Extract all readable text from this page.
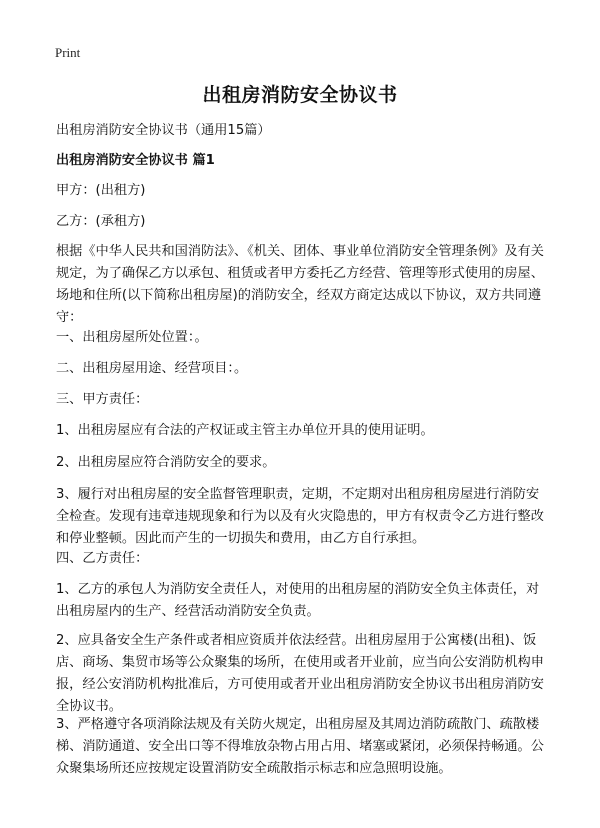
Print
出租房消防安全协议书

出租房消防安全协议书（通用15篇）

出租房消防安全协议书 篇1

甲方：(出租方)

乙方：(承租方)

根据《中华人民共和国消防法》、《机关、团体、事业单位消防安全管理条例》及有关规定，为了确保乙方以承包、租赁或者甲方委托乙方经营、管理等形式使用的房屋、场地和住所(以下简称出租房屋)的消防安全，经双方商定达成以下协议，双方共同遵守：

一、出租房屋所处位置：。

二、出租房屋用途、经营项目：。

三、甲方责任：

1、出租房屋应有合法的产权证或主管主办单位开具的使用证明。

2、出租房屋应符合消防安全的要求。

3、履行对出租房屋的安全监督管理职责，定期，不定期对出租房租房屋进行消防安全检查。发现有违章违规现象和行为以及有火灾隐患的，甲方有权责令乙方进行整改和停业整顿。因此而产生的一切损失和费用，由乙方自行承担。

四、乙方责任：

1、乙方的承包人为消防安全责任人，对使用的出租房屋的消防安全负主体责任，对出租房屋内的生产、经营活动消防安全负责。

2、应具备安全生产条件或者相应资质并依法经营。出租房屋用于公寓楼(出租)、饭店、商场、集贸市场等公众聚集的场所，在使用或者开业前，应当向公安消防机构申报，经公安消防机构批准后，方可使用或者开业出租房消防安全协议书出租房消防安全协议书。

3、严格遵守各项消除法规及有关防火规定，出租房屋及其周边消防疏散门、疏散楼梯、消防通道、安全出口等不得堆放杂物占用占用、堵塞或紧闭，必须保持畅通。公众聚集场所还应按规定设置消防安全疏散指示标志和应急照明设施。
